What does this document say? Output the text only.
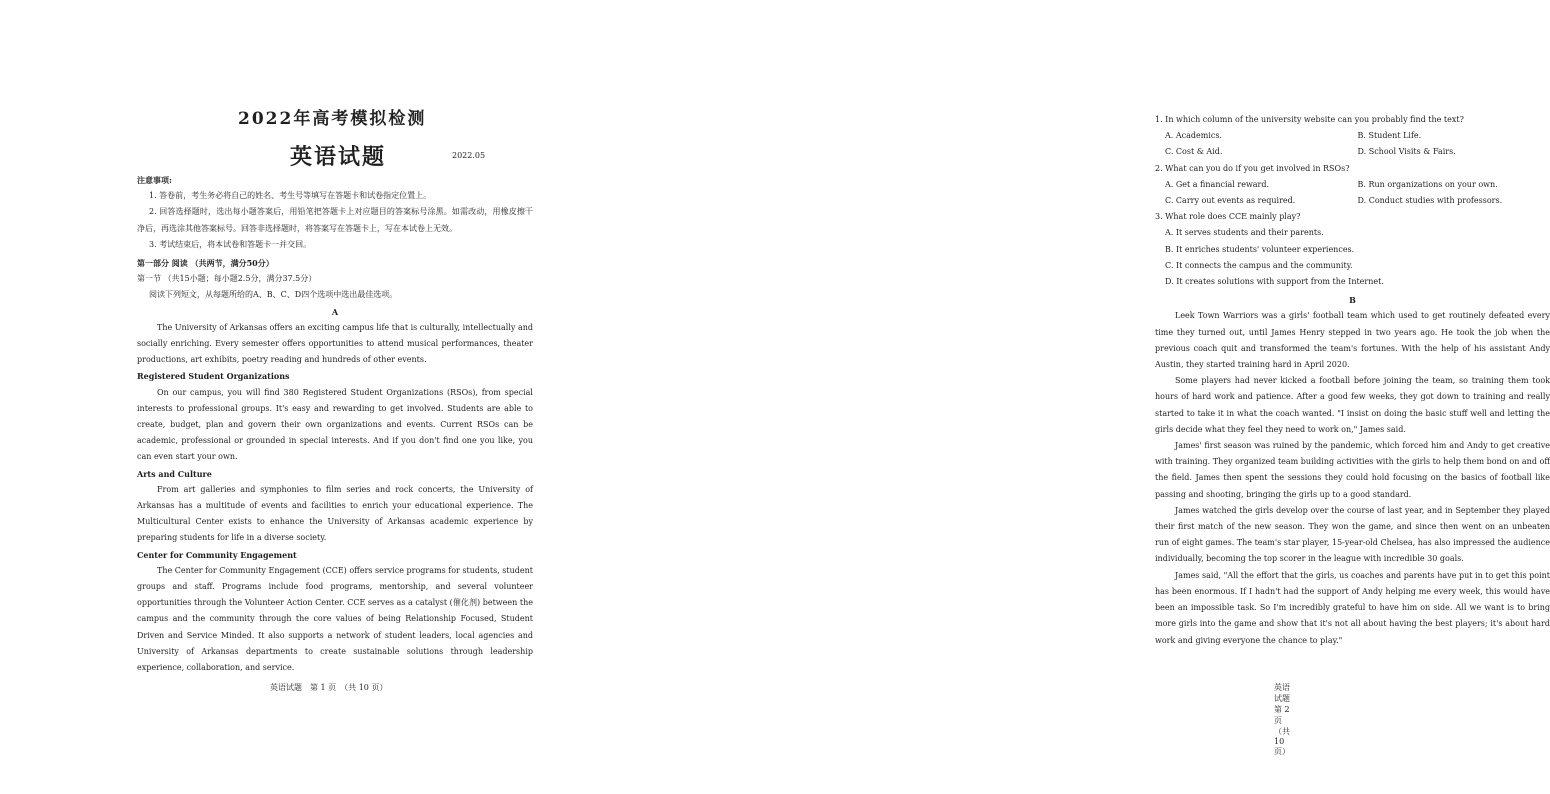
2022年高考模拟检测
英语试题	2022.05
注意事项:
1. 答卷前，考生务必将自己的姓名、考生号等填写在答题卡和试卷指定位置上。
2. 回答选择题时，选出每小题答案后，用铅笔把答题卡上对应题目的答案标号涂黑。如需改动，用橡皮擦干净后，再选涂其他答案标号。回答非选择题时，将答案写在答题卡上，写在本试卷上无效。
3. 考试结束后，将本试卷和答题卡一并交回。
第一部分 阅读 （共两节，满分50分）
第一节 （共15小题；每小题2.5分，满分37.5分）
阅读下列短文，从每题所给的A、B、C、D四个选项中选出最佳选项。
A
The University of Arkansas offers an exciting campus life that is culturally, intellectually and socially enriching. Every semester offers opportunities to attend musical performances, theater productions, art exhibits, poetry reading and hundreds of other events.
Registered Student Organizations
On our campus, you will find 380 Registered Student Organizations (RSOs), from special interests to professional groups. It's easy and rewarding to get involved. Students are able to create, budget, plan and govern their own organizations and events. Current RSOs can be academic, professional or grounded in special interests. And if you don't find one you like, you can even start your own.
Arts and Culture
From art galleries and symphonies to film series and rock concerts, the University of Arkansas has a multitude of events and facilities to enrich your educational experience. The Multicultural Center exists to enhance the University of Arkansas academic experience by preparing students for life in a diverse society.
Center for Community Engagement
The Center for Community Engagement (CCE) offers service programs for students, student groups and staff. Programs include food programs, mentorship, and several volunteer opportunities through the Volunteer Action Center. CCE serves as a catalyst (催化剂) between the campus and the community through the core values of being Relationship Focused, Student Driven and Service Minded. It also supports a network of student leaders, local agencies and University of Arkansas departments to create sustainable solutions through leadership experience, collaboration, and service.
英语试题　第 1 页　（共 10 页）
1. In which column of the university website can you probably find the text?
A. Academics.	B. Student Life.
C. Cost & Aid.	D. School Visits & Fairs.
2. What can you do if you get involved in RSOs?
A. Get a financial reward.	B. Run organizations on your own.
C. Carry out events as required.	D. Conduct studies with professors.
3. What role does CCE mainly play?
A. It serves students and their parents.
B. It enriches students' volunteer experiences.
C. It connects the campus and the community.
D. It creates solutions with support from the Internet.
B
Leek Town Warriors was a girls' football team which used to get routinely defeated every time they turned out, until James Henry stepped in two years ago. He took the job when the previous coach quit and transformed the team's fortunes. With the help of his assistant Andy Austin, they started training hard in April 2020.
Some players had never kicked a football before joining the team, so training them took hours of hard work and patience. After a good few weeks, they got down to training and really started to take it in what the coach wanted. "I insist on doing the basic stuff well and letting the girls decide what they feel they need to work on," James said.
James' first season was ruined by the pandemic, which forced him and Andy to get creative with training. They organized team building activities with the girls to help them bond on and off the field. James then spent the sessions they could hold focusing on the basics of football like passing and shooting, bringing the girls up to a good standard.
James watched the girls develop over the course of last year, and in September they played their first match of the new season. They won the game, and since then went on an unbeaten run of eight games. The team's star player, 15-year-old Chelsea, has also impressed the audience individually, becoming the top scorer in the league with incredible 30 goals.
James said, "All the effort that the girls, us coaches and parents have put in to get this point has been enormous. If I hadn't had the support of Andy helping me every week, this would have been an impossible task. So I'm incredibly grateful to have him on side. All we want is to bring more girls into the game and show that it's not all about having the best players; it's about hard work and giving everyone the chance to play."
英语试题　第 2 页　（共 10 页）
